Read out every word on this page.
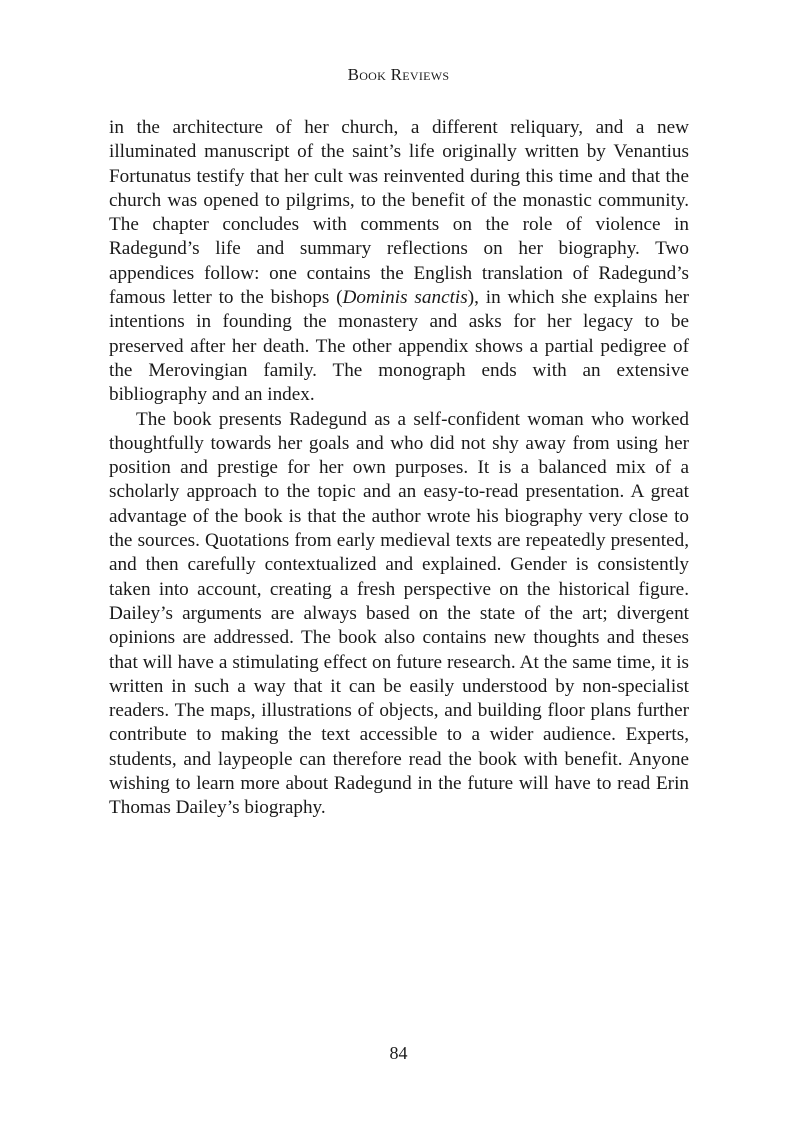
Book Reviews

in the architecture of her church, a different reliquary, and a new illuminated manuscript of the saint’s life originally written by Venantius Fortunatus testify that her cult was reinvented during this time and that the church was opened to pilgrims, to the benefit of the monastic community. The chapter concludes with comments on the role of violence in Radegund’s life and summary reflections on her biography. Two appendices follow: one contains the English translation of Radegund’s famous letter to the bishops (Dominis sanctis), in which she explains her intentions in founding the monastery and asks for her legacy to be preserved after her death. The other appendix shows a partial pedigree of the Merovingian family. The monograph ends with an extensive bibliography and an index.

The book presents Radegund as a self-confident woman who worked thoughtfully towards her goals and who did not shy away from using her position and prestige for her own purposes. It is a balanced mix of a scholarly approach to the topic and an easy-to-read presentation. A great advantage of the book is that the author wrote his biography very close to the sources. Quotations from early medieval texts are repeatedly presented, and then carefully contextualized and explained. Gender is consistently taken into account, creating a fresh perspective on the historical figure. Dailey’s arguments are always based on the state of the art; divergent opinions are addressed. The book also contains new thoughts and theses that will have a stimulating effect on future research. At the same time, it is written in such a way that it can be easily understood by non-specialist readers. The maps, illustrations of objects, and building floor plans further contribute to making the text accessible to a wider audience. Experts, students, and laypeople can therefore read the book with benefit. Anyone wishing to learn more about Radegund in the future will have to read Erin Thomas Dailey’s biography.

84
